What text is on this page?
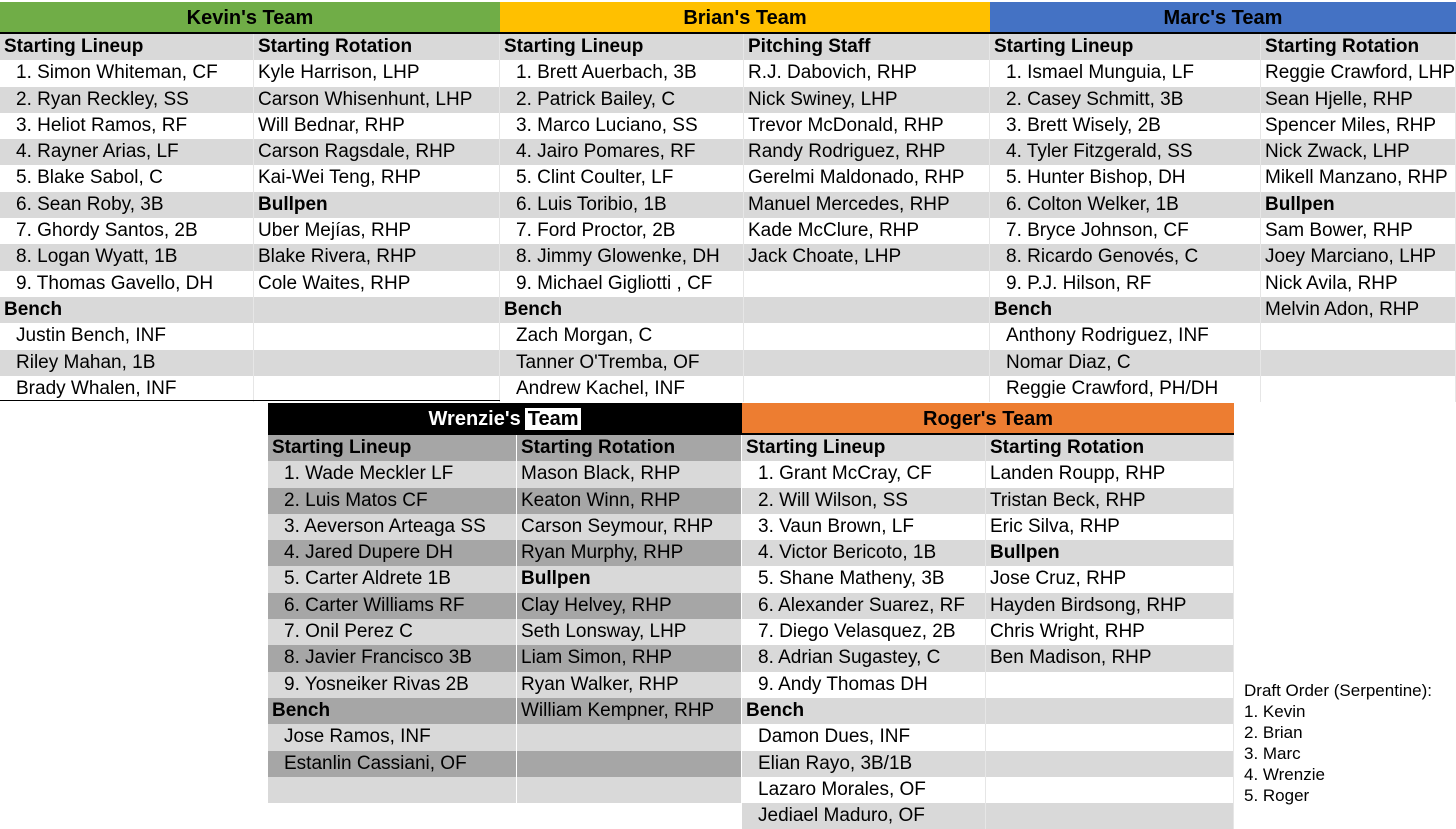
Kevin's Team
Starting Lineup	Starting Rotation
1. Simon Whiteman, CF	Kyle Harrison, LHP
2. Ryan Reckley, SS	Carson Whisenhunt, LHP
3. Heliot Ramos, RF	Will Bednar, RHP
4. Rayner Arias, LF	Carson Ragsdale, RHP
5. Blake Sabol, C	Kai-Wei Teng, RHP
6. Sean Roby, 3B	Bullpen
7. Ghordy Santos, 2B	Uber Mejías, RHP
8. Logan Wyatt, 1B	Blake Rivera, RHP
9. Thomas Gavello, DH	Cole Waites, RHP
Bench
Justin Bench, INF
Riley Mahan, 1B
Brady Whalen, INF
Brian's Team
Starting Lineup	Pitching Staff
1. Brett Auerbach, 3B	R.J. Dabovich, RHP
2. Patrick Bailey, C	Nick Swiney, LHP
3. Marco Luciano, SS	Trevor McDonald, RHP
4. Jairo Pomares, RF	Randy Rodriguez, RHP
5. Clint Coulter, LF	Gerelmi Maldonado, RHP
6. Luis Toribio, 1B	Manuel Mercedes, RHP
7. Ford Proctor, 2B	Kade McClure, RHP
8. Jimmy Glowenke, DH	Jack Choate, LHP
9. Michael Gigliotti , CF
Bench
Zach Morgan, C
Tanner O'Tremba, OF
Andrew Kachel, INF
Marc's Team
Starting Lineup	Starting Rotation
1. Ismael Munguia, LF	Reggie Crawford, LHP
2. Casey Schmitt, 3B	Sean Hjelle, RHP
3. Brett Wisely, 2B	Spencer Miles, RHP
4. Tyler Fitzgerald, SS	Nick Zwack, LHP
5. Hunter Bishop, DH	Mikell Manzano, RHP
6. Colton Welker, 1B	Bullpen
7. Bryce Johnson, CF	Sam Bower, RHP
8. Ricardo Genovés, C	Joey Marciano, LHP
9. P.J. Hilson, RF	Nick Avila, RHP
Bench	Melvin Adon, RHP
Anthony Rodriguez, INF
Nomar Diaz, C
Reggie Crawford, PH/DH
Wrenzie's Team
Starting Lineup	Starting Rotation
1. Wade Meckler LF	Mason Black, RHP
2. Luis Matos CF	Keaton Winn, RHP
3. Aeverson Arteaga SS	Carson Seymour, RHP
4. Jared Dupere DH	Ryan Murphy, RHP
5. Carter Aldrete 1B	Bullpen
6. Carter Williams RF	Clay Helvey, RHP
7. Onil Perez C	Seth Lonsway, LHP
8. Javier Francisco 3B	Liam Simon, RHP
9. Yosneiker Rivas 2B	Ryan Walker, RHP
Bench	William Kempner, RHP
Jose Ramos, INF
Estanlin Cassiani, OF
Roger's Team
Starting Lineup	Starting Rotation
1. Grant McCray, CF	Landen Roupp, RHP
2. Will Wilson, SS	Tristan Beck, RHP
3. Vaun Brown, LF	Eric Silva, RHP
4. Victor Bericoto, 1B	Bullpen
5. Shane Matheny, 3B	Jose Cruz, RHP
6. Alexander Suarez, RF	Hayden Birdsong, RHP
7. Diego Velasquez, 2B	Chris Wright, RHP
8. Adrian Sugastey, C	Ben Madison, RHP
9. Andy Thomas DH
Bench
Damon Dues, INF
Elian Rayo, 3B/1B
Lazaro Morales, OF
Jediael Maduro, OF
Draft Order (Serpentine):
1. Kevin
2. Brian
3. Marc
4. Wrenzie
5. Roger
